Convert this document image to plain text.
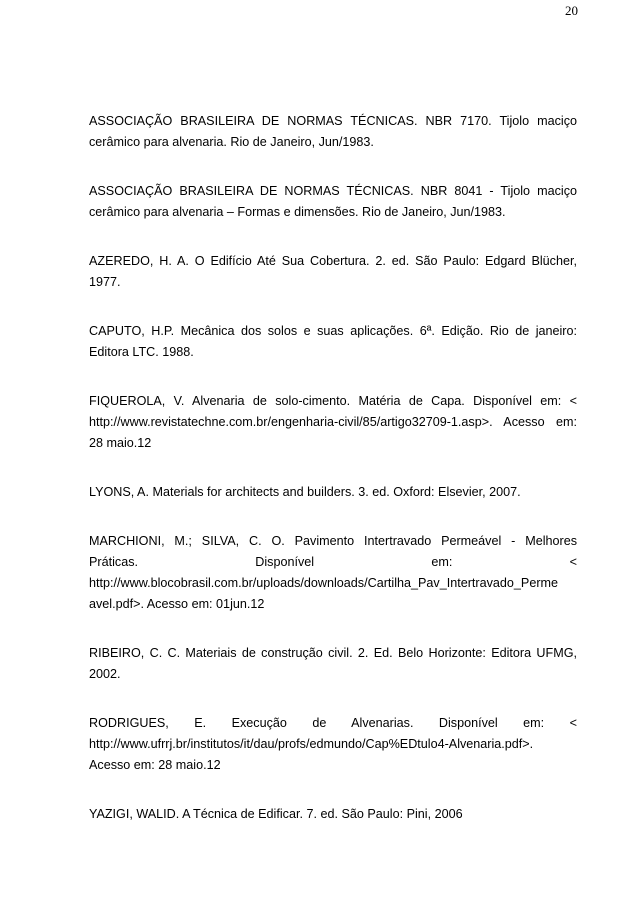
20

ASSOCIAÇÃO BRASILEIRA DE NORMAS TÉCNICAS. NBR 7170. Tijolo maciço
cerâmico para alvenaria. Rio de Janeiro, Jun/1983.

ASSOCIAÇÃO BRASILEIRA DE NORMAS TÉCNICAS. NBR 8041 - Tijolo maciço
cerâmico para alvenaria – Formas e dimensões. Rio de Janeiro, Jun/1983.

AZEREDO, H. A. O Edifício Até Sua Cobertura. 2. ed. São Paulo: Edgard Blücher,
1977.

CAPUTO, H.P. Mecânica dos solos e suas aplicações. 6ª. Edição. Rio de janeiro:
Editora LTC. 1988.

FIQUEROLA, V. Alvenaria de solo-cimento. Matéria de Capa. Disponível em: <
http://www.revistatechne.com.br/engenharia-civil/85/artigo32709-1.asp>. Acesso em:
28 maio.12

LYONS, A. Materials for architects and builders. 3. ed. Oxford: Elsevier, 2007.

MARCHIONI, M.; SILVA, C. O. Pavimento Intertravado Permeável - Melhores
Práticas. Disponível em: <
http://www.blocobrasil.com.br/uploads/downloads/Cartilha_Pav_Intertravado_Perme
avel.pdf>. Acesso em: 01jun.12

RIBEIRO, C. C. Materiais de construção civil. 2. Ed. Belo Horizonte: Editora UFMG,
2002.

RODRIGUES, E. Execução de Alvenarias. Disponível em: <
http://www.ufrrj.br/institutos/it/dau/profs/edmundo/Cap%EDtulo4-Alvenaria.pdf>.
Acesso em: 28 maio.12

YAZIGI, WALID. A Técnica de Edificar. 7. ed. São Paulo: Pini, 2006
